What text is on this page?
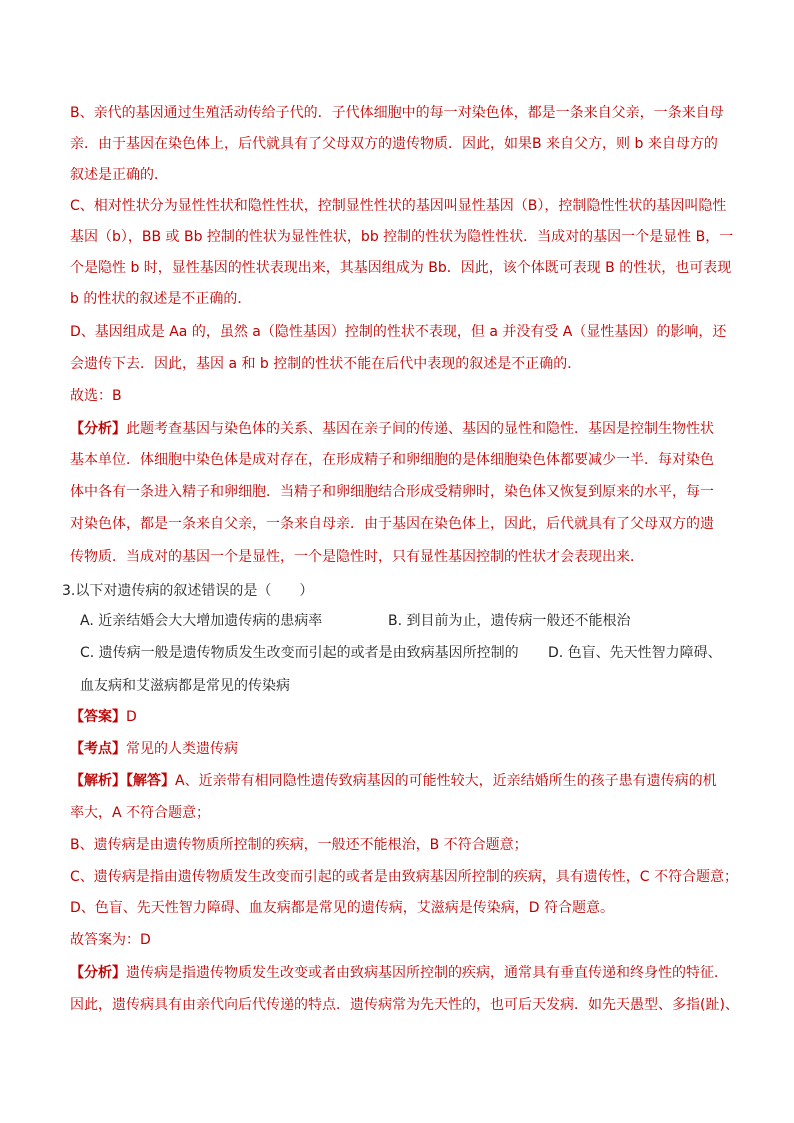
B、亲代的基因通过生殖活动传给子代的．子代体细胞中的每一对染色体，都是一条来自父亲，一条来自母
亲．由于基因在染色体上，后代就具有了父母双方的遗传物质．因此，如果B 来自父方，则 b 来自母方的
叙述是正确的．
C、相对性状分为显性性状和隐性性状，控制显性性状的基因叫显性基因（B），控制隐性性状的基因叫隐性
基因（b），BB 或 Bb 控制的性状为显性性状，bb 控制的性状为隐性性状．当成对的基因一个是显性 B，一
个是隐性 b 时，显性基因的性状表现出来，其基因组成为 Bb．因此，该个体既可表现 B 的性状，也可表现
b 的性状的叙述是不正确的．
D、基因组成是 Aa 的，虽然 a（隐性基因）控制的性状不表现，但 a 并没有受 A（显性基因）的影响，还
会遗传下去．因此，基因 a 和 b 控制的性状不能在后代中表现的叙述是不正确的．
故选：B
【分析】此题考查基因与染色体的关系、基因在亲子间的传递、基因的显性和隐性．基因是控制生物性状
基本单位．体细胞中染色体是成对存在，在形成精子和卵细胞的是体细胞染色体都要减少一半．每对染色
体中各有一条进入精子和卵细胞．当精子和卵细胞结合形成受精卵时，染色体又恢复到原来的水平，每一
对染色体，都是一条来自父亲，一条来自母亲．由于基因在染色体上，因此，后代就具有了父母双方的遗
传物质．当成对的基因一个是显性，一个是隐性时，只有显性基因控制的性状才会表现出来．
3.以下对遗传病的叙述错误的是（　　）
A. 近亲结婚会大大增加遗传病的患病率	B. 到目前为止，遗传病一般还不能根治
C. 遗传病一般是遗传物质发生改变而引起的或者是由致病基因所控制的	D. 色盲、先天性智力障碍、
血友病和艾滋病都是常见的传染病
【答案】D
【考点】常见的人类遗传病
【解析】【解答】A、近亲带有相同隐性遗传致病基因的可能性较大，近亲结婚所生的孩子患有遗传病的机
率大，A 不符合题意；
B、遗传病是由遗传物质所控制的疾病，一般还不能根治，B 不符合题意；
C、遗传病是指由遗传物质发生改变而引起的或者是由致病基因所控制的疾病，具有遗传性，C 不符合题意；
D、色盲、先天性智力障碍、血友病都是常见的遗传病，艾滋病是传染病，D 符合题意。
故答案为：D
【分析】遗传病是指遗传物质发生改变或者由致病基因所控制的疾病，通常具有垂直传递和终身性的特征．
因此，遗传病具有由亲代向后代传递的特点．遗传病常为先天性的，也可后天发病．如先天愚型、多指(趾)、
